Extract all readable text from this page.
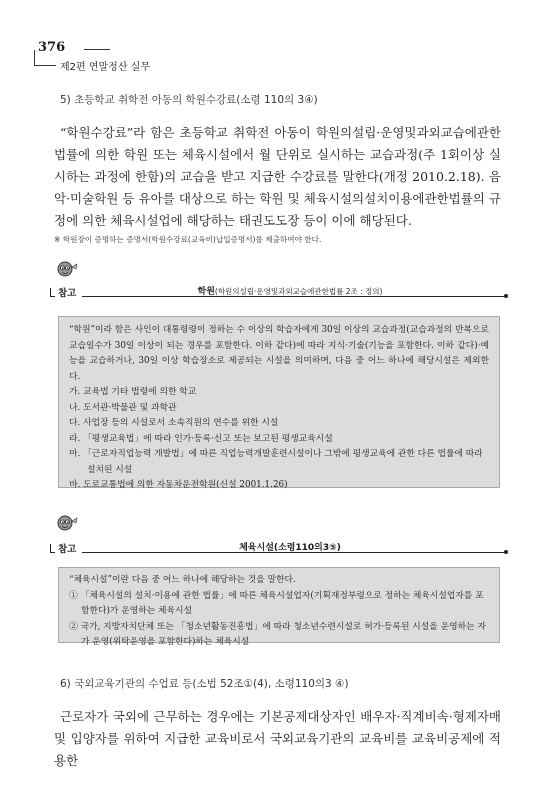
376
제2편 연말정산 실무
5) 초등학교 취학전 아동의 학원수강료(소령 110의 3④)
“학원수강료”라 함은 초등학교 취학전 아동이 학원의설립·운영및과외교습에관한법률에 의한 학원 또는 체육시설에서 월 단위로 실시하는 교습과정(주 1회이상 실시하는 과정에 한함)의 교습을 받고 지급한 수강료를 말한다(개정 2010.2.18). 음악·미술학원 등 유아를 대상으로 하는 학원 및 체육시설의설치이용에관한법률의 규정에 의한 체육시설업에 해당하는 태권도도장 등이 이에 해당된다.
※ 학원장이 증명하는 증명서(학원수강료(교육비)납입증명서)를 제출하여야 한다.
참고	학원(학원의설립·운영및과외교습에관한법률 2조 : 정의)

“학원”이라 함은 사인이 대통령령이 정하는 수 이상의 학습자에게 30일 이상의 교습과정(교습과정의 반복으로 교습일수가 30일 이상이 되는 경우를 포함한다. 이하 같다)에 따라 지식·기술(기능을 포함한다. 이하 같다)·예능을 교습하거나, 30일 이상 학습장소로 제공되는 시설을 의미하며, 다음 중 어느 하나에 해당시설은 제외한다.

가. 교육법 기타 법령에 의한 학교

나. 도서관·박물관 및 과학관

다. 사업장 등의 시설로서 소속직원의 연수를 위한 시설

라. 「평생교육법」에 따라 인가·등록·신고 또는 보고된 평생교육시설

마. 「근로자직업능력 개발법」에 따른 직업능력개발훈련시설이나 그밖에 평생교육에 관한 다른 법률에 따라 설치된 시설

바. 도로교통법에 의한 자동차운전학원(신설 2001.1.26)

참고	체육시설(소령110의3⑤)

“체육시설”이란 다음 중 어느 하나에 해당하는 것을 말한다.

① 「체육시설의 설치·이용에 관한 법률」에 따른 체육시설업자(기획재정부령으로 정하는 체육시설업자를 포함한다)가 운영하는 체육시설

② 국가, 지방자치단체 또는 「청소년활동진흥법」에 따라 청소년수련시설로 허가·등록된 시설을 운영하는 자가 운영(위탁운영을 포함한다)하는 체육시설

6) 국외교육기관의 수업료 등(소법 52조①(4), 소령110의3 ④)
근로자가 국외에 근무하는 경우에는 기본공제대상자인 배우자·직계비속·형제자매 및 입양자를 위하여 지급한 교육비로서 국외교육기관의 교육비를 교육비공제에 적용한
